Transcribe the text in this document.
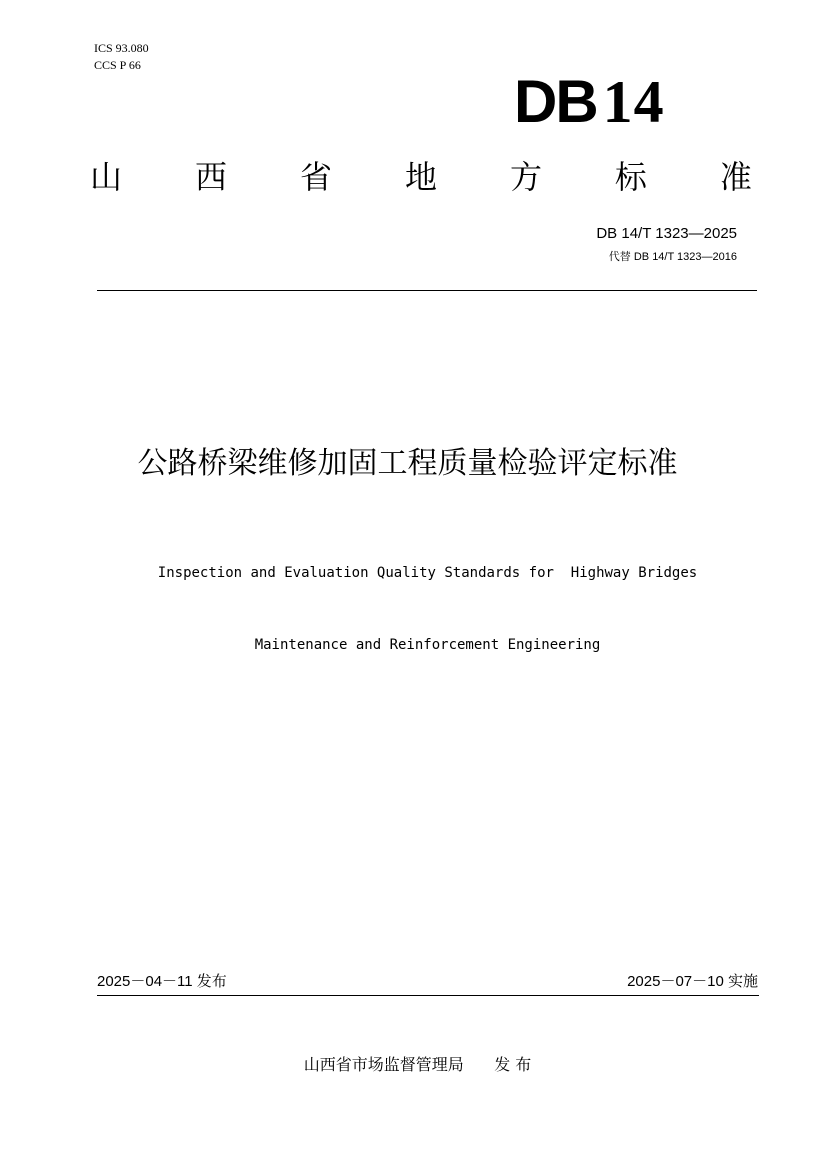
ICS 93.080
CCS P 66
DB 14
山 西 省 地 方 标 准
DB 14/T 1323—2025
代替 DB 14/T 1323—2016
公路桥梁维修加固工程质量检验评定标准

Inspection and Evaluation Quality Standards for  Highway Bridges

Maintenance and Reinforcement Engineering

2025－04－11 发布	2025－07－10 实施
山西省市场监督管理局 发 布
